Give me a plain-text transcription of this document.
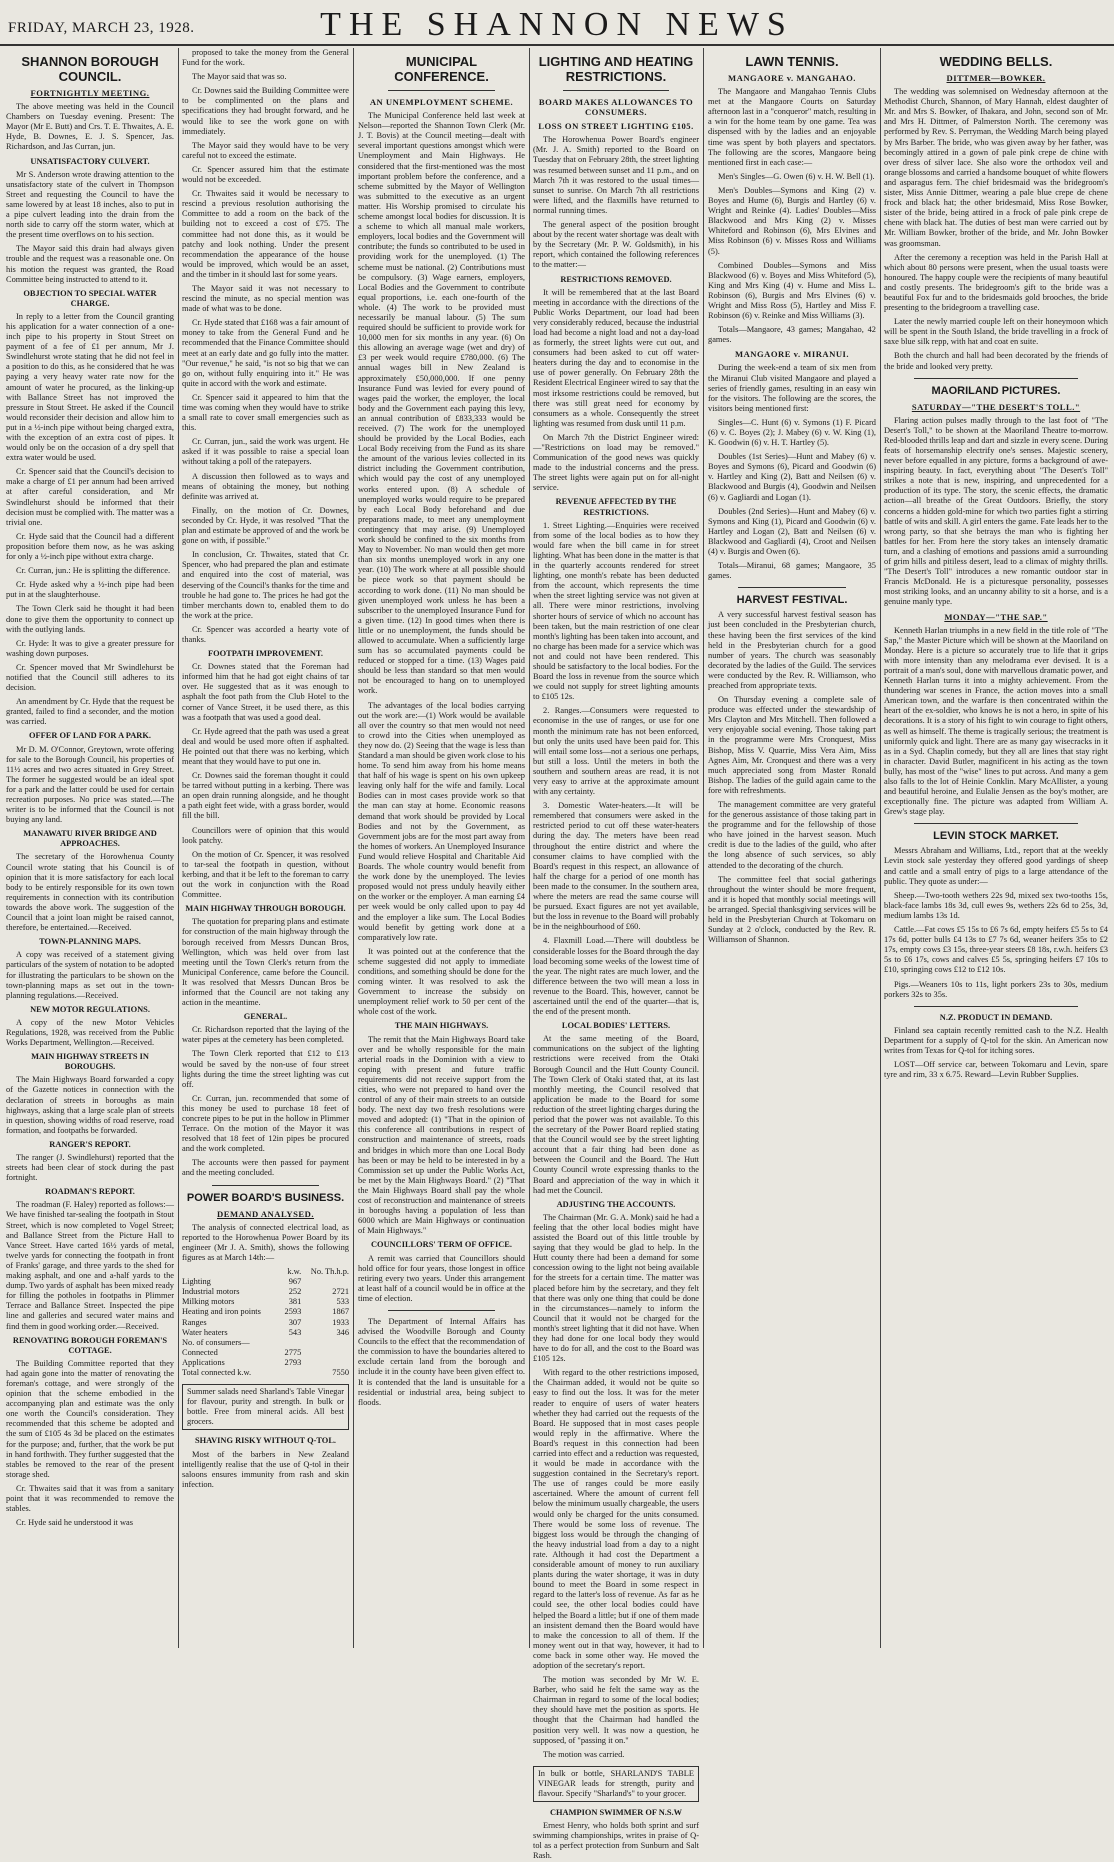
FRIDAY, MARCH 23, 1928.	THE SHANNON NEWS
SHANNON BOROUGH COUNCIL.
FORTNIGHTLY MEETING.

The above meeting was held in the Council Chambers on Tuesday evening. Present: The Mayor (Mr E. Butt) and Crs. T. E. Thwaites, A. E. Hyde, B. Downes, E. J. S. Spencer, Jas. Richardson, and Jas Curran, jun.

UNSATISFACTORY CULVERT.

Mr S. Anderson wrote drawing attention to the unsatisfactory state of the culvert in Thompson Street and requesting the Council to have the same lowered by at least 18 inches, also to put in a pipe culvert leading into the drain from the north side to carry off the storm water, which at the present time overflows on to his section.

The Mayor said this drain had always given trouble and the request was a reasonable one. On his motion the request was granted, the Road Committee being instructed to attend to it.

OBJECTION TO SPECIAL WATER CHARGE.

In reply to a letter from the Council granting his application for a water connection of a one-inch pipe to his property in Stout Street on payment of a fee of £1 per annum, Mr J. Swindlehurst wrote stating that he did not feel in a position to do this, as he considered that he was paying a very heavy water rate now for the amount of water he procured, as the linking-up with Ballance Street has not improved the pressure in Stout Street. He asked if the Council would reconsider their decision and allow him to put in a ½-inch pipe without being charged extra, with the exception of an extra cost of pipes. It would only be on the occasion of a dry spell that extra water would be used.

Cr. Spencer said that the Council's decision to make a charge of £1 per annum had been arrived at after careful consideration, and Mr Swindlehurst should be informed that their decision must be complied with. The matter was a trivial one.

Cr. Hyde said that the Council had a different proposition before them now, as he was asking for only a ½-inch pipe without extra charge.

Cr. Curran, jun.: He is splitting the difference.

Cr. Hyde asked why a ½-inch pipe had been put in at the slaughterhouse.

The Town Clerk said he thought it had been done to give them the opportunity to connect up with the outlying lands.

Cr. Hyde: It was to give a greater pressure for washing down purposes.

Cr. Spencer moved that Mr Swindlehurst be notified that the Council still adheres to its decision.

An amendment by Cr. Hyde that the request be granted, failed to find a seconder, and the motion was carried.

OFFER OF LAND FOR A PARK.

Mr D. M. O'Connor, Greytown, wrote offering for sale to the Borough Council, his properties of 11½ acres and two acres situated in Grey Street. The former he suggested would be an ideal spot for a park and the latter could be used for certain recreation purposes. No price was stated.—The writer is to be informed that the Council is not buying any land.

MANAWATU RIVER BRIDGE AND APPROACHES.

The secretary of the Horowhenua County Council wrote stating that his Council is of opinion that it is more satisfactory for each local body to be entirely responsible for its own town requirements in connection with its contribution towards the above work. The suggestion of the Council that a joint loan might be raised cannot, therefore, be entertained.—Received.

TOWN-PLANNING MAPS.

A copy was received of a statement giving particulars of the system of notation to be adopted for illustrating the particulars to be shown on the town-planning maps as set out in the town-planning regulations.—Received.

NEW MOTOR REGULATIONS.

A copy of the new Motor Vehicles Regulations, 1928, was received from the Public Works Department, Wellington.—Received.

MAIN HIGHWAY STREETS IN BOROUGHS.

The Main Highways Board forwarded a copy of the Gazette notices in connection with the declaration of streets in boroughs as main highways, asking that a large scale plan of streets in question, showing widths of road reserve, road formation, and footpaths be forwarded.

RANGER'S REPORT.

The ranger (J. Swindlehurst) reported that the streets had been clear of stock during the past fortnight.

ROADMAN'S REPORT.

The roadman (F. Haley) reported as follows:—We have finished tar-sealing the footpath in Stout Street, which is now completed to Vogel Street; and Ballance Street from the Picture Hall to Vance Street. Have carted 16½ yards of metal, twelve yards for connecting the footpath in front of Franks' garage, and three yards to the shed for making asphalt, and one and a-half yards to the dump. Two yards of asphalt has been mixed ready for filling the potholes in footpaths in Plimmer Terrace and Ballance Street. Inspected the pipe line and galleries and secured water mains and find them in good working order.—Received.

RENOVATING BOROUGH FOREMAN'S COTTAGE.

The Building Committee reported that they had again gone into the matter of renovating the foreman's cottage, and were strongly of the opinion that the scheme embodied in the accompanying plan and estimate was the only one worth the Council's consideration. They recommended that this scheme be adopted and the sum of £105 4s 3d be placed on the estimates for the purpose; and, further, that the work be put in hand forthwith. They further suggested that the stables be removed to the rear of the present storage shed.

Cr. Thwaites said that it was from a sanitary point that it was recommended to remove the stables.

Cr. Hyde said he understood it was

proposed to take the money from the General Fund for the work.

The Mayor said that was so.

Cr. Downes said the Building Committee were to be complimented on the plans and specifications they had brought forward, and he would like to see the work gone on with immediately.

The Mayor said they would have to be very careful not to exceed the estimate.

Cr. Spencer assured him that the estimate would not be exceeded.

Cr. Thwaites said it would be necessary to rescind a previous resolution authorising the Committee to add a room on the back of the building not to exceed a cost of £75. The committee had not done this, as it would be patchy and look nothing. Under the present recommendation the appearance of the house would be improved, which would be an asset, and the timber in it should last for some years.

The Mayor said it was not necessary to rescind the minute, as no special mention was made of what was to be done.

Cr. Hyde stated that £168 was a fair amount of money to take from the General Fund and he recommended that the Finance Committee should meet at an early date and go fully into the matter. "Our revenue," he said, "is not so big that we can go on, without fully enquiring into it." He was quite in accord with the work and estimate.

Cr. Spencer said it appeared to him that the time was coming when they would have to strike a small rate to cover small emergencies such as this.

Cr. Curran, jun., said the work was urgent. He asked if it was possible to raise a special loan without taking a poll of the ratepayers.

A discussion then followed as to ways and means of obtaining the money, but nothing definite was arrived at.

Finally, on the motion of Cr. Downes, seconded by Cr. Hyde, it was resolved "That the plan and estimate be approved of and the work be gone on with, if possible."

In conclusion, Cr. Thwaites, stated that Cr. Spencer, who had prepared the plan and estimate and enquired into the cost of material, was deserving of the Council's thanks for the time and trouble he had gone to. The prices he had got the timber merchants down to, enabled them to do the work at the price.

Cr. Spencer was accorded a hearty vote of thanks.

FOOTPATH IMPROVEMENT.

Cr. Downes stated that the Foreman had informed him that he had got eight chains of tar over. He suggested that as it was enough to asphalt the foot path from the Club Hotel to the corner of Vance Street, it be used there, as this was a footpath that was used a good deal.

Cr. Hyde agreed that the path was used a great deal and would be used more often if asphalted. He pointed out that there was no kerbing, which meant that they would have to put one in.

Cr. Downes said the foreman thought it could be tarred without putting in a kerbing. There was an open drain running alongside, and he thought a path eight feet wide, with a grass border, would fill the bill.

Councillors were of opinion that this would look patchy.

On the motion of Cr. Spencer, it was resolved to tar-seal the footpath in question, without kerbing, and that it be left to the foreman to carry out the work in conjunction with the Road Committee.

MAIN HIGHWAY THROUGH BOROUGH.

The quotation for preparing plans and estimate for construction of the main highway through the borough received from Messrs Duncan Bros, Wellington, which was held over from last meeting until the Town Clerk's return from the Municipal Conference, came before the Council. It was resolved that Messrs Duncan Bros be informed that the Council are not taking any action in the meantime.

GENERAL.

Cr. Richardson reported that the laying of the water pipes at the cemetery has been completed.

The Town Clerk reported that £12 to £13 would be saved by the non-use of four street lights during the time the street lighting was cut off.

Cr. Curran, jun. recommended that some of this money be used to purchase 18 feet of concrete pipes to be put in the hollow in Plimmer Terrace. On the motion of the Mayor it was resolved that 18 feet of 12in pipes be procured and the work completed.

The accounts were then passed for payment and the meeting concluded.

POWER BOARD'S BUSINESS.
DEMAND ANALYSED.

The analysis of connected electrical load, as reported to the Horowhenua Power Board by its engineer (Mr J. A. Smith), shows the following figures as at March 14th:—

	k.w.	No. Th.h.p.
Lighting	967	
Industrial motors	252	2721
Milking motors	381	533
Heating and iron points	2593	1867
Ranges	307	1933
Water heaters	543	346
No. of consumers—		
Connected	2775	
Applications	2793	
Total connected k.w.		7550
Summer salads need Sharland's Table Vinegar for flavour, purity and strength. In bulk or bottle. Free from mineral acids. All best grocers.
SHAVING RISKY WITHOUT Q-TOL.

Most of the barbers in New Zealand intelligently realise that the use of Q-tol in their saloons ensures immunity from rash and skin infection.

MUNICIPAL CONFERENCE.
AN UNEMPLOYMENT SCHEME.

The Municipal Conference held last week at Nelson—reported the Shannon Town Clerk (Mr. J. T. Bovis) at the Council meeting—dealt with several important questions amongst which were Unemployment and Main Highways. He considered that the first-mentioned was the most important problem before the conference, and a scheme submitted by the Mayor of Wellington was submitted to the executive as an urgent matter. His Worship promised to circulate his scheme amongst local bodies for discussion. It is a scheme to which all manual male workers, employers, local bodies and the Government will contribute; the funds so contributed to be used in providing work for the unemployed. (1) The scheme must be national. (2) Contributions must be compulsory. (3) Wage earners, employers, Local Bodies and the Government to contribute equal proportions, i.e. each one-fourth of the whole. (4) The work to be provided must necessarily be manual labour. (5) The sum required should be sufficient to provide work for 10,000 men for six months in any year. (6) On this allowing an average wage (wet and dry) of £3 per week would require £780,000. (6) The annual wages bill in New Zealand is approximately £50,000,000. If one penny Insurance Fund was levied for every pound of wages paid the worker, the employer, the local body and the Government each paying this levy, an annual contribution of £833,333 would be received. (7) The work for the unemployed should be provided by the Local Bodies, each Local Body receiving from the Fund as its share the amount of the various levies collected in its district including the Government contribution, which would pay the cost of any unemployed works entered upon. (8) A schedule of unemployed works would require to be prepared by each Local Body beforehand and due preparations made, to meet any unemployment contingency that may arise. (9) Unemployed work should be confined to the six months from May to November. No man would then get more than six months unemployed work in any one year. (10) The work where at all possible should be piece work so that payment should be according to work done. (11) No man should be given unemployed work unless he has been a subscriber to the unemployed Insurance Fund for a given time. (12) In good times when there is little or no unemployment, the funds should be allowed to accumulate. When a sufficiently large sum has so accumulated payments could be reduced or stopped for a time. (13) Wages paid should be less than standard so that men would not be encouraged to hang on to unemployed work.

The advantages of the local bodies carrying out the work are:—(1) Work would be available all over the country so that men would not need to crowd into the Cities when unemployed as they now do. (2) Seeing that the wage is less than Standard a man should be given work close to his home. To send him away from his home means that half of his wage is spent on his own upkeep leaving only half for the wife and family. Local Bodies can in most cases provide work so that the man can stay at home. Economic reasons demand that work should be provided by Local Bodies and not by the Government, as Government jobs are for the most part away from the homes of workers. An Unemployed Insurance Fund would relieve Hospital and Charitable Aid Boards. The whole country would benefit from the work done by the unemployed. The levies proposed would not press unduly heavily either on the worker or the employer. A man earning £4 per week would be only called upon to pay 4d and the employer a like sum. The Local Bodies would benefit by getting work done at a comparatively low rate.

It was pointed out at the conference that the scheme suggested did not apply to immediate conditions, and something should be done for the coming winter. It was resolved to ask the Government to increase the subsidy on unemployment relief work to 50 per cent of the whole cost of the work.

THE MAIN HIGHWAYS.

The remit that the Main Highways Board take over and be wholly responsible for the main arterial roads in the Dominion with a view to coping with present and future traffic requirements did not receive support from the cities, who were not prepared to hand over the control of any of their main streets to an outside body. The next day two fresh resolutions were moved and adopted: (1) "That in the opinion of this conference all contributions in respect of construction and maintenance of streets, roads and bridges in which more than one Local Body has been or may be held to be interested in by a Commission set up under the Public Works Act, be met by the Main Highways Board." (2) "That the Main Highways Board shall pay the whole cost of reconstruction and maintenance of streets in boroughs having a population of less than 6000 which are Main Highways or continuation of Main Highways."

COUNCILLORS' TERM OF OFFICE.

A remit was carried that Councillors should hold office for four years, those longest in office retiring every two years. Under this arrangement at least half of a council would be in office at the time of election.

The Department of Internal Affairs has advised the Woodville Borough and County Councils to the effect that the recommendation of the commission to have the boundaries altered to exclude certain land from the borough and include it in the county have been given effect to. It is contended that the land is unsuitable for a residential or industrial area, being subject to floods.

LIGHTING AND HEATING RESTRICTIONS.
BOARD MAKES ALLOWANCES TO CONSUMERS.
LOSS ON STREET LIGHTING £105.

The Horowhenua Power Board's engineer (Mr. J. A. Smith) reported to the Board on Tuesday that on February 28th, the street lighting was resumed between sunset and 11 p.m., and on March 7th it was restored to the usual times—sunset to sunrise. On March 7th all restrictions were lifted, and the flaxmills have returned to normal running times.

The general aspect of the position brought about by the recent water shortage was dealt with by the Secretary (Mr. P. W. Goldsmith), in his report, which contained the following references to the matter:—

RESTRICTIONS REMOVED.

It will be remembered that at the last Board meeting in accordance with the directions of the Public Works Department, our load had been very considerably reduced, because the industrial load had become a night load and not a day-load as formerly, the street lights were cut out, and consumers had been asked to cut off water-heaters during the day and to economise in the use of power generally. On February 28th the Resident Electrical Engineer wired to say that the most irksome restrictions could be removed, but there was still great need for economy by consumers as a whole. Consequently the street lighting was resumed from dusk until 11 p.m.

On March 7th the District Engineer wired:—"Restrictions on load may be removed." Communication of the good news was quickly made to the industrial concerns and the press. The street lights were again put on for all-night service.

REVENUE AFFECTED BY THE RESTRICTIONS.

1. Street Lighting.—Enquiries were received from some of the local bodies as to how they would fare when the bill came in for street lighting. What has been done in the matter is that in the quarterly accounts rendered for street lighting, one month's rebate has been deducted from the account, which represents the time when the street lighting service was not given at all. There were minor restrictions, involving shorter hours of service of which no account has been taken, but the main restriction of one clear month's lighting has been taken into account, and no charge has been made for a service which was not and could not have been rendered. This should be satisfactory to the local bodies. For the Board the loss in revenue from the source which we could not supply for street lighting amounts to £105 12s.

2. Ranges.—Consumers were requested to economise in the use of ranges, or use for one month the minimum rate has not been enforced, but only the units used have been paid for. This will entail some loss—not a serious one perhaps, but still a loss. Until the meters in both the southern and southern areas are read, it is not very easy to arrive at the approximate amount with any certainty.

3. Domestic Water-heaters.—It will be remembered that consumers were asked in the restricted period to cut off these water-heaters during the day. The meters have been read throughout the entire district and where the consumer claims to have complied with the Board's request in this respect, an allowance of half the charge for a period of one month has been made to the consumer. In the southern area, where the meters are read the same course will be pursued. Exact figures are not yet available, but the loss in revenue to the Board will probably be in the neighbourhood of £60.

4. Flaxmill Load.—There will doubtless be considerable losses for the Board through the day load becoming some weeks of the lowest time of the year. The night rates are much lower, and the difference between the two will mean a loss in revenue to the Board. This, however, cannot be ascertained until the end of the quarter—that is, the end of the present month.

LOCAL BODIES' LETTERS.

At the same meeting of the Board, communications on the subject of the lighting restrictions were received from the Otaki Borough Council and the Hutt County Council. The Town Clerk of Otaki stated that, at its last monthly meeting, the Council resolved that application be made to the Board for some reduction of the street lighting charges during the period that the power was not available. To this the secretary of the Power Board replied stating that the Council would see by the street lighting account that a fair thing had been done as between the Council and the Board. The Hutt County Council wrote expressing thanks to the Board and appreciation of the way in which it had met the Council.

ADJUSTING THE ACCOUNTS.

The Chairman (Mr. G. A. Monk) said he had a feeling that the other local bodies might have assisted the Board out of this little trouble by saying that they would be glad to help. In the Hutt county there had been a demand for some concession owing to the light not being available for the streets for a certain time. The matter was placed before him by the secretary, and they felt that there was only one thing that could be done in the circumstances—namely to inform the Council that it would not be charged for the month's street lighting that it did not have. When they had done for one local body they would have to do for all, and the cost to the Board was £105 12s.

With regard to the other restrictions imposed, the Chairman added, it would not be quite so easy to find out the loss. It was for the meter reader to enquire of users of water heaters whether they had carried out the requests of the Board. He supposed that in most cases people would reply in the affirmative. Where the Board's request in this connection had been carried into effect and a reduction was requested, it would be made in accordance with the suggestion contained in the Secretary's report. The use of ranges could be more easily ascertained. Where the amount of current fell below the minimum usually chargeable, the users would only be charged for the units consumed. There would be some loss of revenue. The biggest loss would be through the changing of the heavy industrial load from a day to a night rate. Although it had cost the Department a considerable amount of money to run auxiliary plants during the water shortage, it was in duty bound to meet the Board in some respect in regard to the latter's loss of revenue. As far as he could see, the other local bodies could have helped the Board a little; but if one of them made an insistent demand then the Board would have to make the concession to all of them. If the money went out in that way, however, it had to come back in some other way. He moved the adoption of the secretary's report.

The motion was seconded by Mr W. E. Barber, who said he felt the same way as the Chairman in regard to some of the local bodies; they should have met the position as sports. He thought that the Chairman had handled the position very well. It was now a question, he supposed, of "passing it on."

The motion was carried.

In bulk or bottle, SHARLAND'S TABLE VINEGAR leads for strength, purity and flavour. Specify "Sharland's" to your grocer.
CHAMPION SWIMMER OF N.S.W

Ernest Henry, who holds both sprint and surf swimming championships, writes in praise of Q-tol as a perfect protection from Sunburn and Salt Rash.

LAWN TENNIS.
MANGAORE v. MANGAHAO.

The Mangaore and Mangahao Tennis Clubs met at the Mangaore Courts on Saturday afternoon last in a "conqueror" match, resulting in a win for the home team by one game. Tea was dispensed with by the ladies and an enjoyable time was spent by both players and spectators. The following are the scores, Mangaore being mentioned first in each case:—

Men's Singles—G. Owen (6) v. H. W. Bell (1).

Men's Doubles—Symons and King (2) v. Boyes and Hume (6), Burgis and Hartley (6) v. Wright and Reinke (4). Ladies' Doubles—Miss Blackwood and Mrs King (2) v. Misses Whiteford and Robinson (6), Mrs Elvines and Miss Robinson (6) v. Misses Ross and Williams (5).

Combined Doubles—Symons and Miss Blackwood (6) v. Boyes and Miss Whiteford (5), King and Mrs King (4) v. Hume and Miss L. Robinson (6), Burgis and Mrs Elvines (6) v. Wright and Miss Ross (5), Hartley and Miss F. Robinson (6) v. Reinke and Miss Williams (3).

Totals—Mangaore, 43 games; Mangahao, 42 games.

MANGAORE v. MIRANUI.

During the week-end a team of six men from the Miranui Club visited Mangaore and played a series of friendly games, resulting in an easy win for the visitors. The following are the scores, the visitors being mentioned first:

Singles—C. Hunt (6) v. Symons (1) F. Picard (6) v. C. Boyes (2); J. Mabey (6) v. W. King (1), K. Goodwin (6) v. H. T. Hartley (5).

Doubles (1st Series)—Hunt and Mabey (6) v. Boyes and Symons (6), Picard and Goodwin (6) v. Hartley and King (2), Batt and Neilsen (6) v. Blackwood and Burgis (4), Goodwin and Neilsen (6) v. Gagliardi and Logan (1).

Doubles (2nd Series)—Hunt and Mabey (6) v. Symons and King (1), Picard and Goodwin (6) v. Hartley and Logan (2), Batt and Neilsen (6) v. Blackwood and Gagliardi (4), Croot and Neilsen (4) v. Burgis and Owen (6).

Totals—Miranui, 68 games; Mangaore, 35 games.

HARVEST FESTIVAL.

A very successful harvest festival season has just been concluded in the Presbyterian church, these having been the first services of the kind held in the Presbyterian church for a good number of years. The church was seasonably decorated by the ladies of the Guild. The services were conducted by the Rev. R. Williamson, who preached from appropriate texts.

On Thursday evening a complete sale of produce was effected under the stewardship of Mrs Clayton and Mrs Mitchell. Then followed a very enjoyable social evening. Those taking part in the programme were Mrs Cronquest, Miss Bishop, Miss V. Quarrie, Miss Vera Aim, Miss Agnes Aim, Mr. Cronquest and there was a very much appreciated song from Master Ronald Bishop. The ladies of the guild again came to the fore with refreshments.

The management committee are very grateful for the generous assistance of those taking part in the programme and for the fellowship of those who have joined in the harvest season. Much credit is due to the ladies of the guild, who after the long absence of such services, so ably attended to the decorating of the church.

The committee feel that social gatherings throughout the winter should be more frequent, and it is hoped that monthly social meetings will be arranged. Special thanksgiving services will be held in the Presbyterian Church at Tokomaru on Sunday at 2 o'clock, conducted by the Rev. R. Williamson of Shannon.

WEDDING BELLS.
DITTMER—BOWKER.

The wedding was solemnised on Wednesday afternoon at the Methodist Church, Shannon, of Mary Hannah, eldest daughter of Mr. and Mrs S. Bowker, of Ihakara, and John, second son of Mr. and Mrs H. Dittmer, of Palmerston North. The ceremony was performed by Rev. S. Perryman, the Wedding March being played by Mrs Barber. The bride, who was given away by her father, was becomingly attired in a gown of pale pink crepe de chine with over dress of silver lace. She also wore the orthodox veil and orange blossoms and carried a handsome bouquet of white flowers and asparagus fern. The chief bridesmaid was the bridegroom's sister, Miss Annie Dittmer, wearing a pale blue crepe de chene frock and black hat; the other bridesmaid, Miss Rose Bowker, sister of the bride, being attired in a frock of pale pink crepe de chene with black hat. The duties of best man were carried out by Mr. William Bowker, brother of the bride, and Mr. John Bowker was groomsman.

After the ceremony a reception was held in the Parish Hall at which about 80 persons were present, when the usual toasts were honoured. The happy couple were the recipients of many beautiful and costly presents. The bridegroom's gift to the bride was a beautiful Fox fur and to the bridesmaids gold brooches, the bride presenting to the bridegroom a travelling case.

Later the newly married couple left on their honeymoon which will be spent in the South Island, the bride travelling in a frock of saxe blue silk repp, with hat and coat en suite.

Both the church and hall had been decorated by the friends of the bride and looked very pretty.

MAORILAND PICTURES.
SATURDAY—"THE DESERT'S TOLL."

Flaring action pulses madly through to the last foot of "The Desert's Toll," to be shown at the Maoriland Theatre to-morrow. Red-blooded thrills leap and dart and sizzle in every scene. During feats of horsemanship electrify one's senses. Majestic scenery, never before equalled in any picture, forms a background of awe-inspiring beauty. In fact, everything about "The Desert's Toll" strikes a note that is new, inspiring, and unprecedented for a production of its type. The story, the scenic effects, the dramatic action—all breathe of the Great Outdoors. Briefly, the story concerns a hidden gold-mine for which two parties fight a stirring battle of wits and skill. A girl enters the game. Fate leads her to the wrong party, so that she betrays the man who is fighting her battles for her. From here the story takes an intensely dramatic turn, and a clashing of emotions and passions amid a surrounding of grim hills and pitiless desert, lead to a climax of mighty thrills. "The Desert's Toll" introduces a new romantic outdoor star in Francis McDonald. He is a picturesque personality, possesses most striking looks, and an uncanny ability to sit a horse, and is a genuine manly type.

MONDAY—"THE SAP."

Kenneth Harlan triumphs in a new field in the title role of "The Sap," the Master Picture which will be shown at the Maoriland on Monday. Here is a picture so accurately true to life that it grips with more intensity than any melodrama ever devised. It is a portrait of a man's soul, done with marvellous dramatic power, and Kenneth Harlan turns it into a mighty achievement. From the thundering war scenes in France, the action moves into a small American town, and the warfare is then concentrated within the heart of the ex-soldier, who knows he is not a hero, in spite of his decorations. It is a story of his fight to win courage to fight others, as well as himself. The theme is tragically serious; the treatment is uniformly quick and light. There are as many gay wisecracks in it as in a Syd. Chaplin comedy, but they all are lines that stay right in character. David Butler, magnificent in his acting as the town bully, has most of the "wise" lines to put across. And many a gem also falls to the lot of Heinie Conklin. Mary McAllister, a young and beautiful heroine, and Eulalie Jensen as the boy's mother, are exceptionally fine. The picture was adapted from William A. Grew's stage play.

LEVIN STOCK MARKET.

Messrs Abraham and Williams, Ltd., report that at the weekly Levin stock sale yesterday they offered good yardings of sheep and cattle and a small entry of pigs to a large attendance of the public. They quote as under:—

Sheep.—Two-tooth wethers 22s 9d, mixed sex two-tooths 15s, black-face lambs 18s 3d, cull ewes 9s, wethers 22s 6d to 25s, 3d, medium lambs 13s 1d.

Cattle.—Fat cows £5 15s to £6 7s 6d, empty heifers £5 5s to £4 17s 6d, potter bulls £4 13s to £7 7s 6d, weaner heifers 35s to £2 17s, empty cows £3 15s, three-year steers £8 18s, r.w.h. heifers £3 5s to £6 17s, cows and calves £5 5s, springing heifers £7 10s to £10, springing cows £12 to £12 10s.

Pigs.—Weaners 10s to 11s, light porkers 23s to 30s, medium porkers 32s to 35s.

N.Z. PRODUCT IN DEMAND.

Finland sea captain recently remitted cash to the N.Z. Health Department for a supply of Q-tol for the skin. An American now writes from Texas for Q-tol for itching sores.

LOST—Off service car, between Tokomaru and Levin, spare tyre and rim, 33 x 6.75. Reward—Levin Rubber Supplies.
